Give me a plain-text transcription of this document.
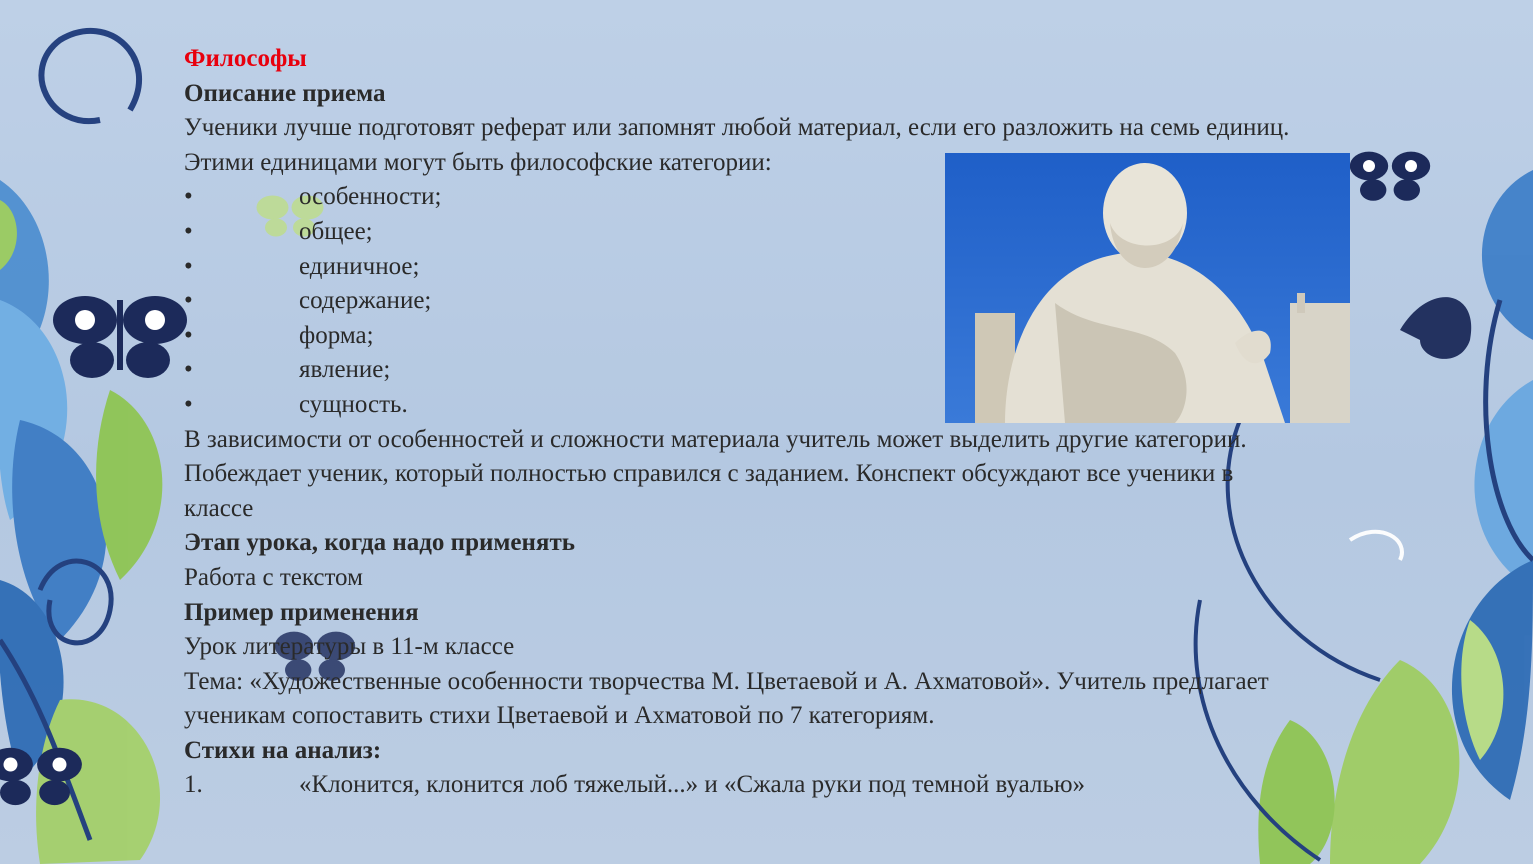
Философы
Описание приема
Ученики лучше подготовят реферат или запомнят любой материал, если его разложить на семь единиц.
Этими единицами могут быть философские категории:
•	особенности;
•	общее;
•	единичное;
•	содержание;
•	форма;
•	явление;
•	сущность.
В зависимости от особенностей и сложности материала учитель может выделить другие категории.
Побеждает ученик, который полностью справился с заданием. Конспект обсуждают все ученики в
классе
Этап урока, когда надо применять
Работа с текстом
Пример применения
Урок литературы в 11-м классе
Тема: «Художественные особенности творчества М. Цветаевой и А. Ахматовой». Учитель предлагает
ученикам сопоставить стихи Цветаевой и Ахматовой по 7 категориям.
Стихи на анализ:
1.	«Клонится, клонится лоб тяжелый...» и «Сжала руки под темной вуалью»
